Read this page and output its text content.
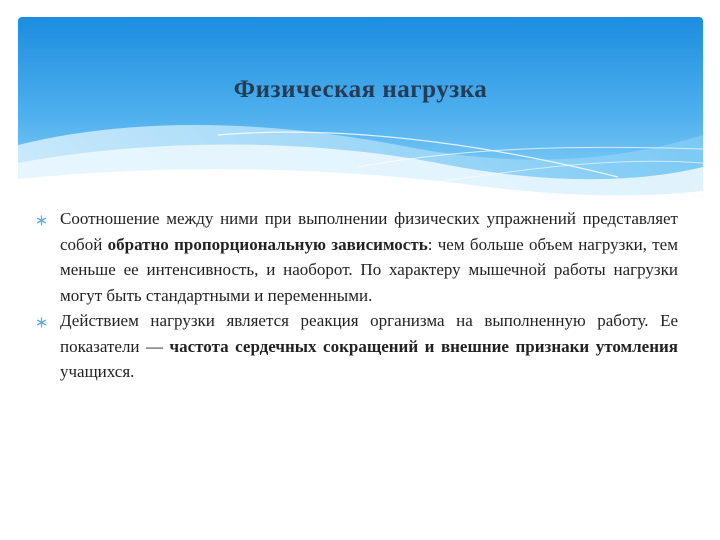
Физическая нагрузка
Соотношение между ними при выполнении физических упражнений представляет собой обратно пропорциональную зависимость: чем больше объем нагрузки, тем меньше ее интенсивность, и наоборот. По характеру мышечной работы нагрузки могут быть стандартными и переменными.
Действием нагрузки является реакция организма на выполненную работу. Ее показатели — частота сердечных сокращений и внешние признаки утомления учащихся.
